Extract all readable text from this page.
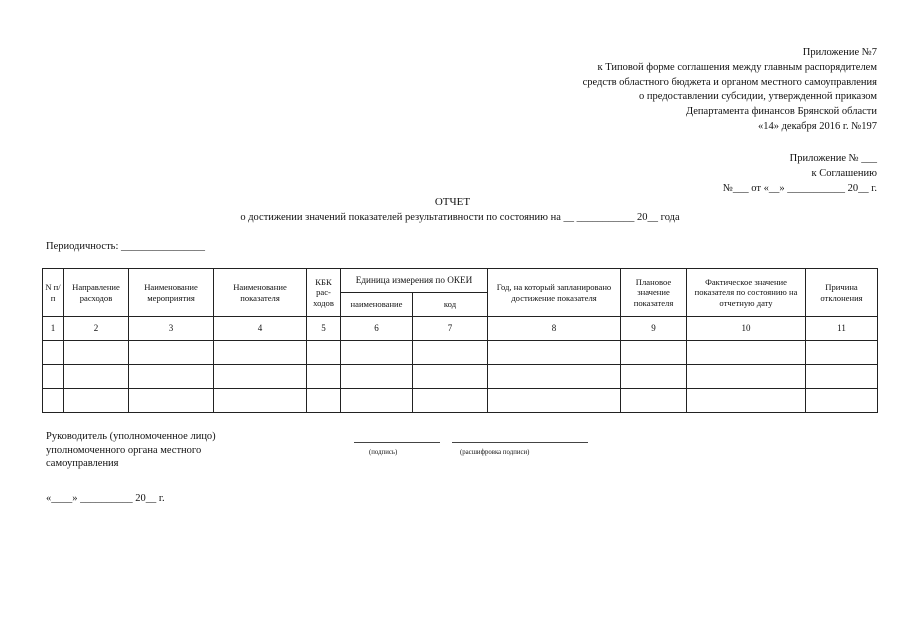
Приложение №7
к Типовой форме соглашения между главным распорядителем
средств областного бюджета и органом местного самоуправления
о предоставлении субсидии, утвержденной приказом
Департамента финансов Брянской области
«14» декабря 2016 г. №197
Приложение № ___
к Соглашению
№___ от «__» ___________ 20__ г.
ОТЧЕТ
о достижении значений показателей результативности по состоянию на __ ___________ 20__ года
Периодичность: ________________
N п/п	Направление расходов	Наименование мероприятия	Наименование показателя	КБК рас-ходов	Единица измерения по ОКЕИ		Год, на который запланировано достижение показателя	Плановое значение показателя	Фактическое значение показателя по состоянию на отчетную дату	Причина отклонения
					наименование	код				
1	2	3	4	5	6	7	8	9	10	11

Руководитель (уполномоченное лицо)
уполномоченного органа местного
самоуправления
(подпись)	(расшифровка подписи)
«____» __________ 20__ г.
